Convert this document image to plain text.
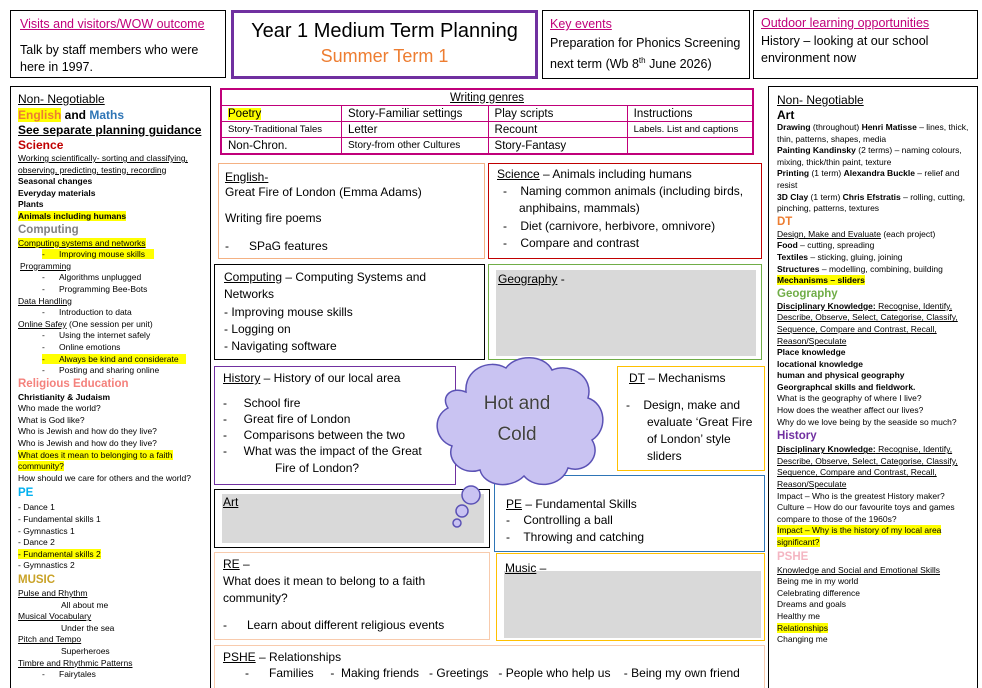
Visits and visitors/WOW outcome
Talk by staff members who were here in 1997.
Year 1 Medium Term Planning
Summer Term 1
Key events
Preparation for Phonics Screening
next term (Wb 8th June 2026)
Outdoor learning opportunities
History – looking at our school environment now
Non- Negotiable
English and Maths
See separate planning guidance
Science
Working scientifically- sorting and classifying,
observing, predicting, testing, recording
Seasonal changes
Everyday materials
Plants
Animals including humans
Computing
Computing systems and networks
-      Improving mouse skills
Programming
-      Algorithms unplugged
-      Programming Bee-Bots
Data Handling
-      Introduction to data
Online Safey (One session per unit)
-      Using the internet safely
-      Online emotions
-      Always be kind and considerate
-      Posting and sharing online
Religious Education
Christianity & Judaism
Who made the world?
What is God like?
Who is Jewish and how do they live?
Who is Jewish and how do they live?
What does it mean to belonging to a faith
community?
How should we care for others and the world?
PE
- Dance 1
- Fundamental skills 1
- Gymnastics 1
- Dance 2
- Fundamental skills 2
- Gymnastics 2
MUSIC
Pulse and Rhythm
All about me
Musical Vocabulary
Under the sea
Pitch and Tempo
Superheroes
Timbre and Rhythmic Patterns
-      Fairytales
Non- Negotiable
Art
Drawing (throughout) Henri Matisse – lines, thick,
thin, patterns, shapes, media
Painting Kandinsky (2 terms) – naming colours,
mixing, thick/thin paint, texture
Printing (1 term) Alexandra Buckle – relief and
resist
3D Clay (1 term) Chris Efstratis – rolling, cutting,
pinching, patterns, textures
DT
Design, Make and Evaluate (each project)
Food – cutting, spreading
Textiles – sticking, gluing, joining
Structures – modelling, combining, building
Mechanisms – sliders
Geography
Disciplinary Knowledge: Recognise, Identify,
Describe, Observe, Select, Categorise, Classify,
Sequence, Compare and Contrast, Recall,
Reason/Speculate
Place knowledge
locational knowledge
human and physical geography
Georgraphcal skills and fieldwork.
What is the geography of where I live?
How does the weather affect our lives?
Why do we love being by the seaside so much?
History
Disciplinary Knowledge: Recognise, Identify,
Describe, Observe, Select, Categorise, Classify,
Sequence, Compare and Contrast, Recall,
Reason/Speculate
Impact – Who is the greatest History maker?
Culture – How do our favourite toys and games
compare to those of the 1960s?
Impact – Why is the history of my local area
significant?
PSHE
Knowledge and Social and Emotional Skills
Being me in my world
Celebrating difference
Dreams and goals
Healthy me
Relationships
Changing me
Writing genres			
Poetry	Story-Familiar settings	Play scripts	Instructions
Story-Traditional Tales	Letter	Recount	Labels. List and captions
Non-Chron.	Story-from other Cultures	Story-Fantasy	
English-
Great Fire of London (Emma Adams)
Writing fire poems
-      SPaG features
Science – Animals including humans
-    Naming common animals (including birds,
anphibains, mammals)
-    Diet (carnivore, herbivore, omnivore)
-    Compare and contrast
Computing – Computing Systems and
Networks
- Improving mouse skills
- Logging on
- Navigating software
Geography -
History – History of our local area
-     School fire
-     Great fire of London
-     Comparisons between the two
-     What was the impact of the Great
Fire of London?
DT – Mechanisms
-    Design, make and
evaluate ‘Great Fire
of London’ style
sliders
Art	PE – Fundamental Skills
-    Controlling a ball
-    Throwing and catching
RE –
What does it mean to belong to a faith
community?
-      Learn about different religious events
Music –
PSHE – Relationships
-      Families     -  Making friends   - Greetings   - People who help us    - Being my own friend
Hot and
Cold
